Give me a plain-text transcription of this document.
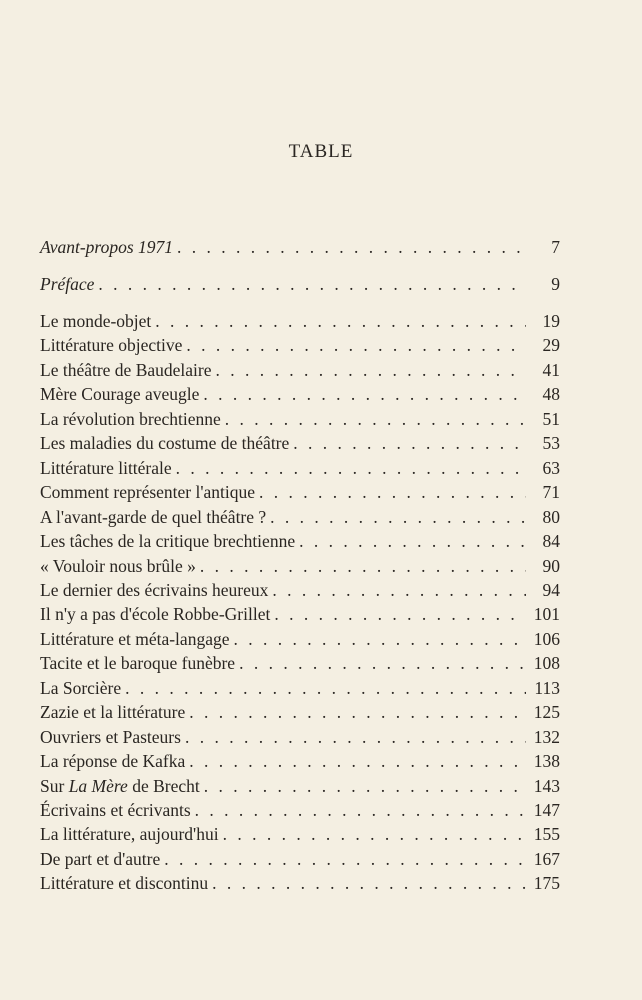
TABLE
Avant-propos 1971 . . .	7
Préface . . .	9
Le monde-objet . . .	19
Littérature objective . . .	29
Le théâtre de Baudelaire . . .	41
Mère Courage aveugle . . .	48
La révolution brechtienne . . .	51
Les maladies du costume de théâtre . . .	53
Littérature littérale . . .	63
Comment représenter l'antique . . .	71
A l'avant-garde de quel théâtre ? . . .	80
Les tâches de la critique brechtienne . . .	84
« Vouloir nous brûle » . . .	90
Le dernier des écrivains heureux . . .	94
Il n'y a pas d'école Robbe-Grillet . . .	101
Littérature et méta-langage . . .	106
Tacite et le baroque funèbre . . .	108
La Sorcière . . .	113
Zazie et la littérature . . .	125
Ouvriers et Pasteurs . . .	132
La réponse de Kafka . . .	138
Sur La Mère de Brecht . . .	143
Écrivains et écrivants . . .	147
La littérature, aujourd'hui . . .	155
De part et d'autre . . .	167
Littérature et discontinu . . .	175
